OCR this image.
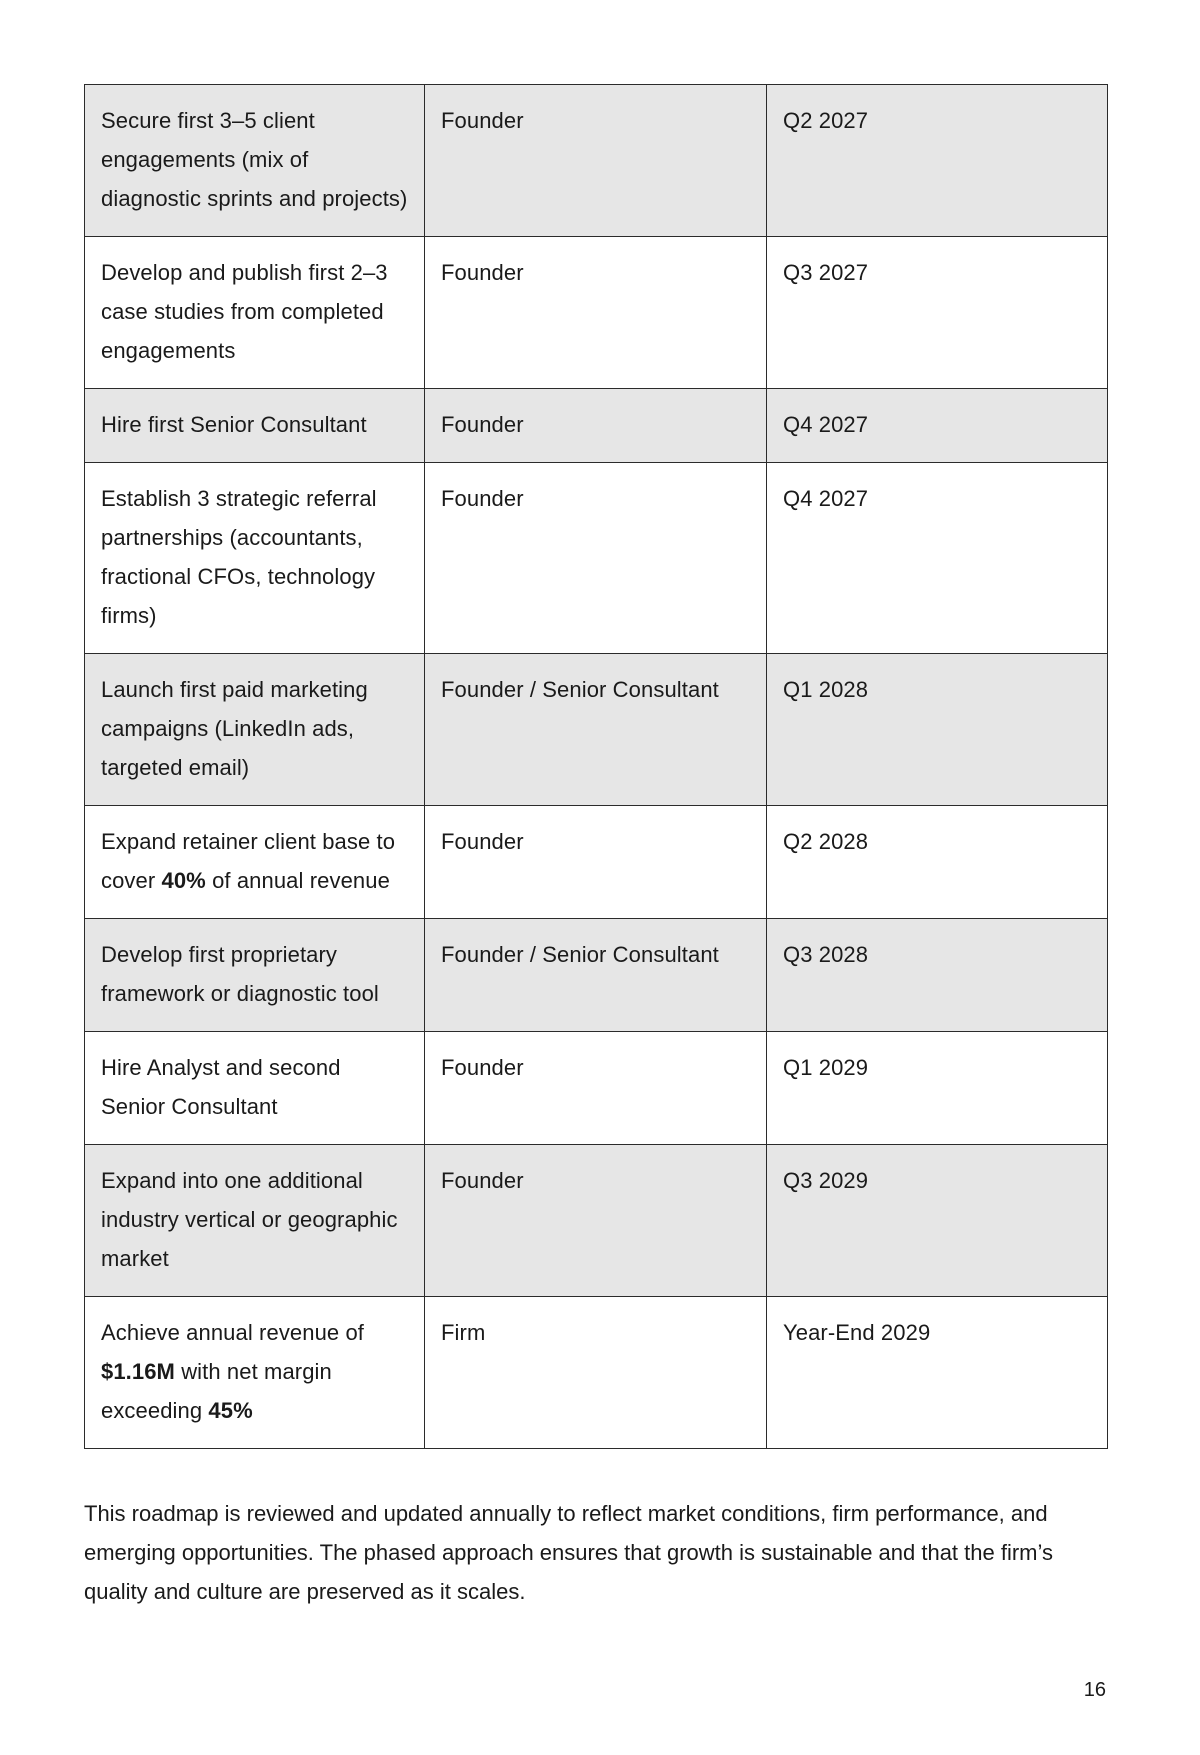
Secure first 3–5 client engagements (mix of diagnostic sprints and projects)	Founder	Q2 2027
Develop and publish first 2–3 case studies from completed engagements	Founder	Q3 2027
Hire first Senior Consultant	Founder	Q4 2027
Establish 3 strategic referral partnerships (accountants, fractional CFOs, technology firms)	Founder	Q4 2027
Launch first paid marketing campaigns (LinkedIn ads, targeted email)	Founder / Senior Consultant	Q1 2028
Expand retainer client base to cover 40% of annual revenue	Founder	Q2 2028
Develop first proprietary framework or diagnostic tool	Founder / Senior Consultant	Q3 2028
Hire Analyst and second Senior Consultant	Founder	Q1 2029
Expand into one additional industry vertical or geographic market	Founder	Q3 2029
Achieve annual revenue of $1.16M with net margin exceeding 45%	Firm	Year-End 2029

This roadmap is reviewed and updated annually to reflect market conditions, firm performance, and emerging opportunities. The phased approach ensures that growth is sustainable and that the firm’s quality and culture are preserved as it scales.

16
